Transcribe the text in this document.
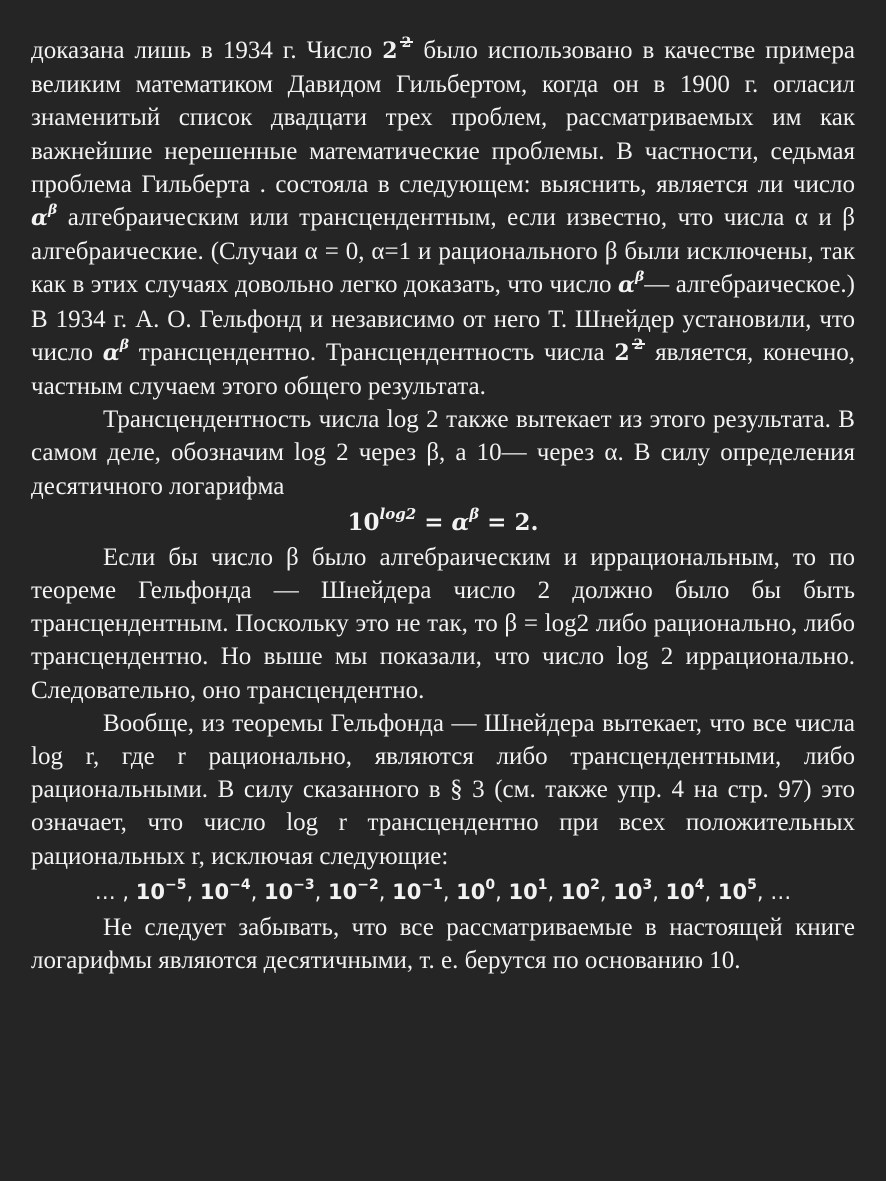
доказана лишь в 1934 г. Число 2 2 было использовано в качестве примера великим математиком Давидом Гильбертом, когда он в 1900 г. огласил знаменитый список двадцати трех проблем, рассматриваемых им как важнейшие нерешенные математические проблемы. В частности, седьмая проблема Гильберта . состояла в следующем: выяснить, является ли число $\alpha^\beta$ алгебраическим или трансцендентным, если известно, что числа α и β алгебраические. (Случаи α = 0, α=1 и рационального β были исключены, так как в этих случаях довольно легко доказать, что число $\alpha^\beta—$ алгебраическое.) В 1934 г. А. О. Гельфонд и независимо от него Т. Шнейдер установили, что число $\alpha^\beta$ трансцендентно. Трансцендентность числа 2 2 является, конечно, частным случаем этого общего результата.

Трансцендентность числа log 2 также вытекает из этого результата. В самом деле, обозначим log 2 через β, а 10— через α. В силу определения десятичного логарифма

$10^{log2} = \alpha^\beta = 2$.

Если бы число β было алгебраическим и иррациональным, то по теореме Гельфонда — Шнейдера число 2 должно было бы быть трансцендентным. Поскольку это не так, то β = log2 либо рационально, либо трансцендентно. Но выше мы показали, что число log 2 иррационально. Следовательно, оно трансцендентно.

Вообще, из теоремы Гельфонда — Шнейдера вытекает, что все числа log r, где r рационально, являются либо трансцендентными, либо рациональными. В силу сказанного в § 3 (см. также упр. 4 на стр. 97) это означает, что число log r трансцендентно при всех положительных рациональных r, исключая следующие:

… , $10^{-5}$, $10^{-4}$, $10^{-3}$, $10^{-2}$, $10^{-1}$, $10^0$, $10^1$, $10^2$, $10^3$, $10^4$, $10^5$, …

Не следует забывать, что все рассматриваемые в настоящей книге логарифмы являются десятичными, т. е. берутся по основанию 10.
